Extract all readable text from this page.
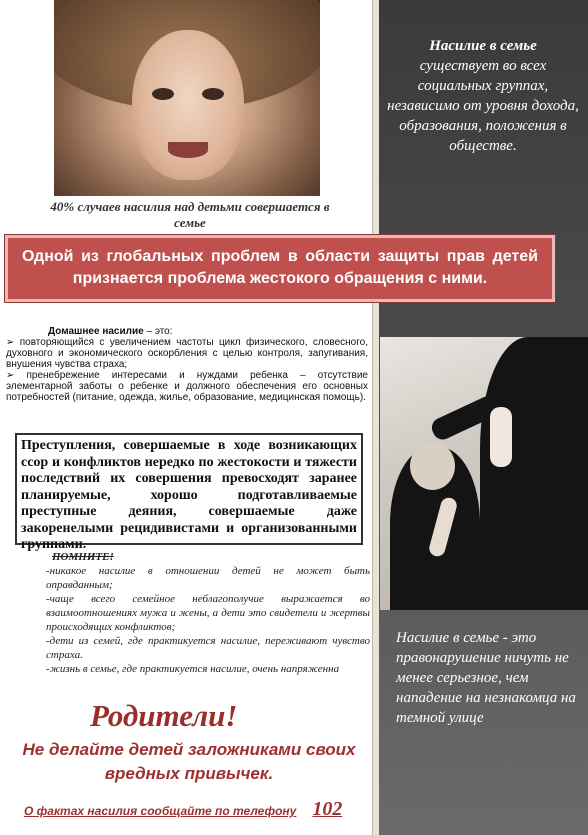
40% случаев насилия над детьми совершается в семье

Одной из глобальных проблем в области защиты прав детей признается проблема жестокого обращения с ними.

Домашнее насилие – это:

➢ повторяющийся с увеличением частоты цикл физического, словесного, духовного и экономического оскорбления с целью контроля, запугивания, внушения чувства страха;

➢ пренебрежение интересами и нуждами ребенка – отсутствие элементарной заботы о ребенке и должного обеспечения его основных потребностей (питание, одежда, жилье, образование, медицинская помощь).

Преступления, совершаемые в ходе возникающих ссор и конфликтов нередко по жестокости и тяжести последствий их совершения превосходят заранее планируемые, хорошо подготавливаемые преступные деяния, совершаемые даже закоренелыми рецидивистами и организованными группами.

ПОМНИТЕ!

-никакое насилие в отношении детей не может быть оправданным;

-чаще всего семейное неблагополучие выражается во взаимоотношениях мужа и жены, а дети это свидетели и жертвы происходящих конфликтов;

-дети из семей, где практикуется насилие, переживают чувство страха.

-жизнь в семье, где практикуется насилие, очень напряженна

Родители!
Не делайте детей заложниками своих вредных привычек.
О фактах насилия сообщайте по телефону 102
Насилие в семье
существует во всех социальных группах, независимо от уровня дохода, образования, положения в обществе.
Насилие в семье - это правонарушение ничуть не менее серьезное, чем нападение на незнакомца на темной улице
